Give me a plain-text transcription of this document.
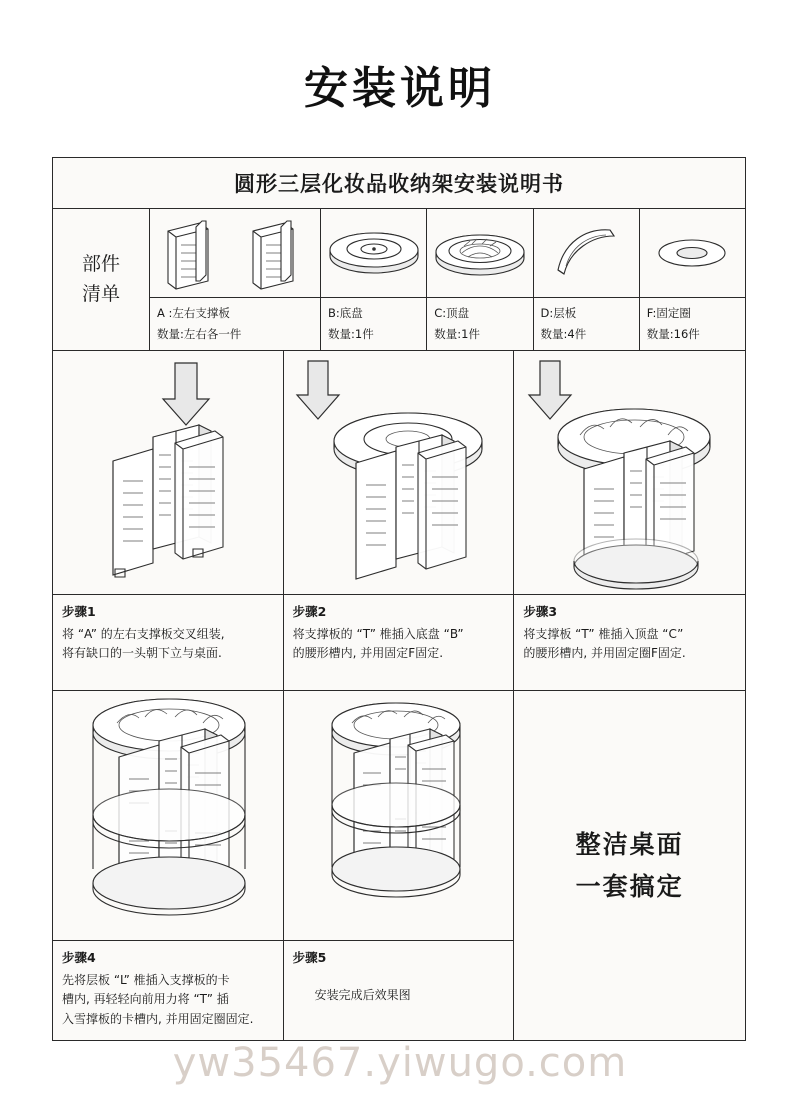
安装说明
圆形三层化妆品收纳架安装说明书
部件
清单
A :左右支撑板
数量:左右各一件
B:底盘
数量:1件
C:顶盘
数量:1件
D:层板
数量:4件
F:固定圈
数量:16件
步骤1
将 “A” 的左右支撑板交叉组装,
将有缺口的一头朝下立与桌面.
步骤2
将支撑板的 “T” 椎插入底盘 “B”
的腰形槽内, 并用固定F固定.
步骤3
将支撑板 “T” 椎插入顶盘 “C”
的腰形槽内, 并用固定圈F固定.
步骤4
先将层板 “L” 椎插入支撑板的卡
槽内, 再轻轻向前用力将 “T” 插
入雪撑板的卡槽内, 并用固定圈固定.
步骤5
安装完成后效果图
整洁桌面
一套搞定
yw35467.yiwugo.com
